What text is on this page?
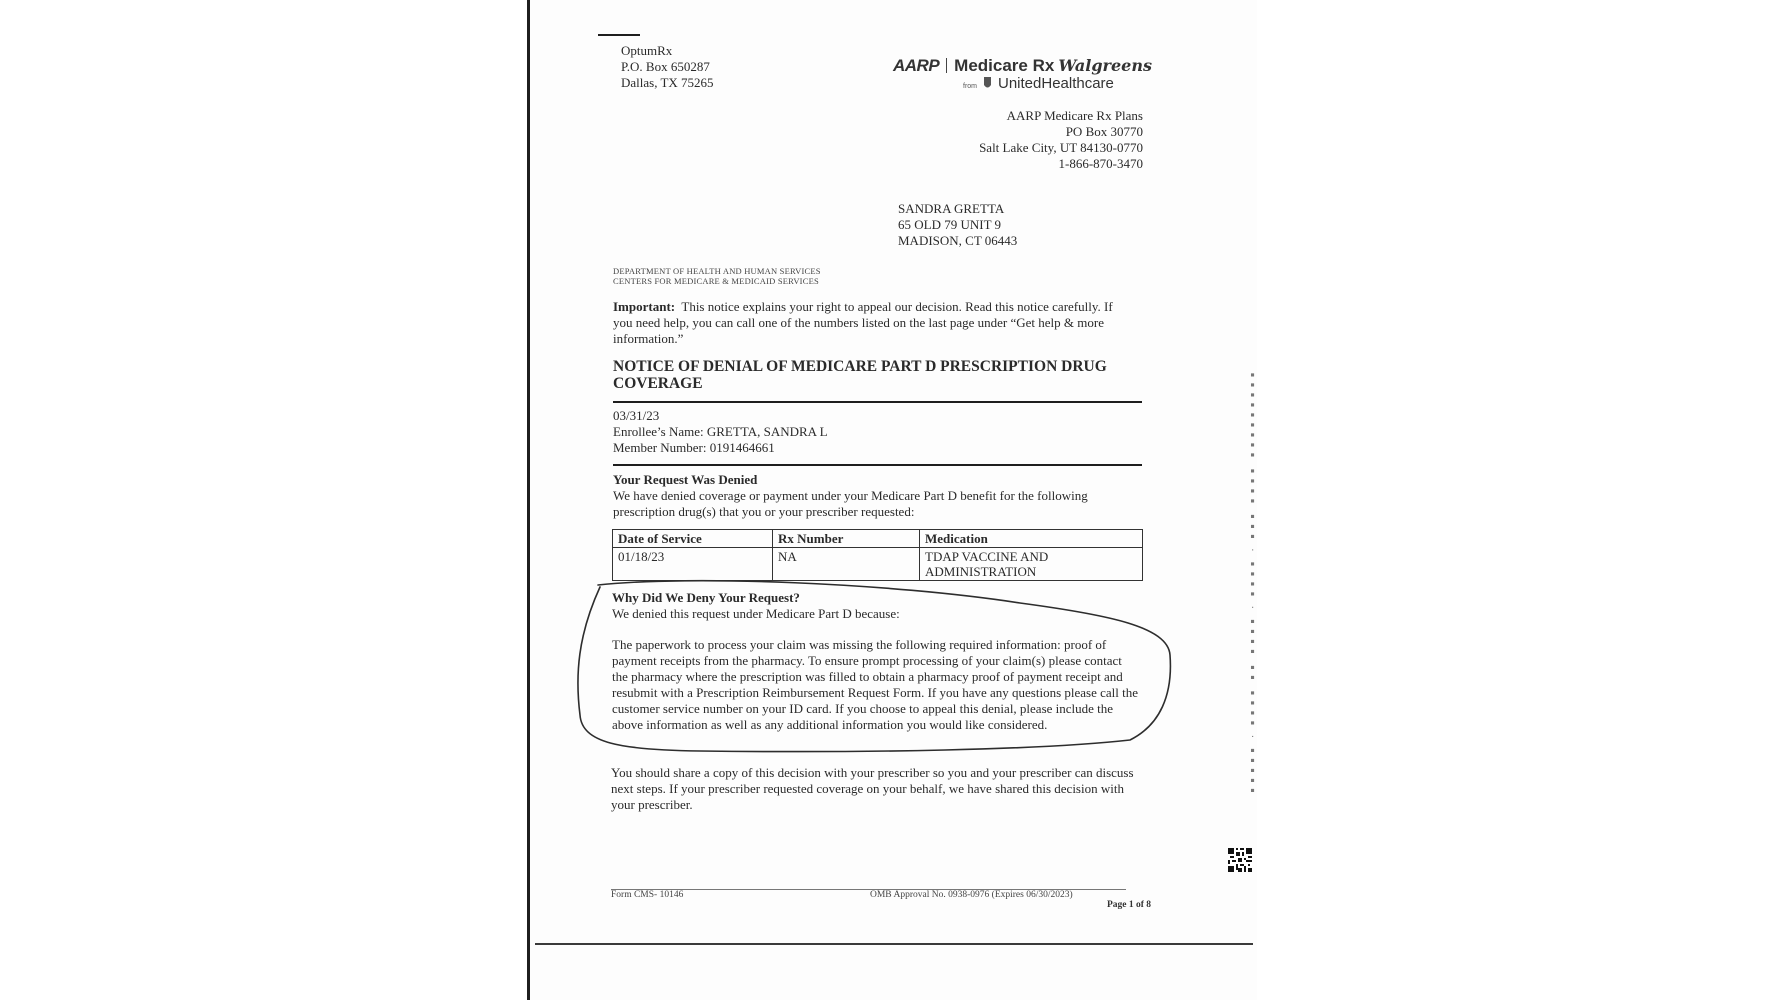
OptumRx
P.O. Box 650287
Dallas, TX 75265
AARP Medicare Rx Walgreens
from UnitedHealthcare
AARP Medicare Rx Plans
PO Box 30770
Salt Lake City, UT 84130-0770
1-866-870-3470
SANDRA GRETTA
65 OLD 79 UNIT 9
MADISON, CT 06443
DEPARTMENT OF HEALTH AND HUMAN SERVICES
CENTERS FOR MEDICARE & MEDICAID SERVICES
Important: This notice explains your right to appeal our decision. Read this notice carefully. If
you need help, you can call one of the numbers listed on the last page under “Get help & more
information.”
NOTICE OF DENIAL OF MEDICARE PART D PRESCRIPTION DRUG
COVERAGE
03/31/23
Enrollee’s Name: GRETTA, SANDRA L
Member Number: 0191464661
Your Request Was Denied
We have denied coverage or payment under your Medicare Part D benefit for the following
prescription drug(s) that you or your prescriber requested:
Date of Service	Rx Number	Medication
01/18/23	NA	TDAP VACCINE AND
ADMINISTRATION
Why Did We Deny Your Request?
We denied this request under Medicare Part D because:
The paperwork to process your claim was missing the following required information: proof of
payment receipts from the pharmacy. To ensure prompt processing of your claim(s) please contact
the pharmacy where the prescription was filled to obtain a pharmacy proof of payment receipt and
resubmit with a Prescription Reimbursement Request Form. If you have any questions please call the
customer service number on your ID card. If you choose to appeal this denial, please include the
above information as well as any additional information you would like considered.
You should share a copy of this decision with your prescriber so you and your prescriber can discuss
next steps. If your prescriber requested coverage on your behalf, we have shared this decision with
your prescriber.
Form CMS- 10146	OMB Approval No. 0938-0976 (Expires 06/30/2023)
Page 1 of 8
▪▪▪▪▪▪▪▪▪ ▪▪▪▪ ▪▪▪ · ▪▪▪▪ · ▪▪▪▪ ▪▪ ▪▪▪▪ · ▪▪▪▪▪
